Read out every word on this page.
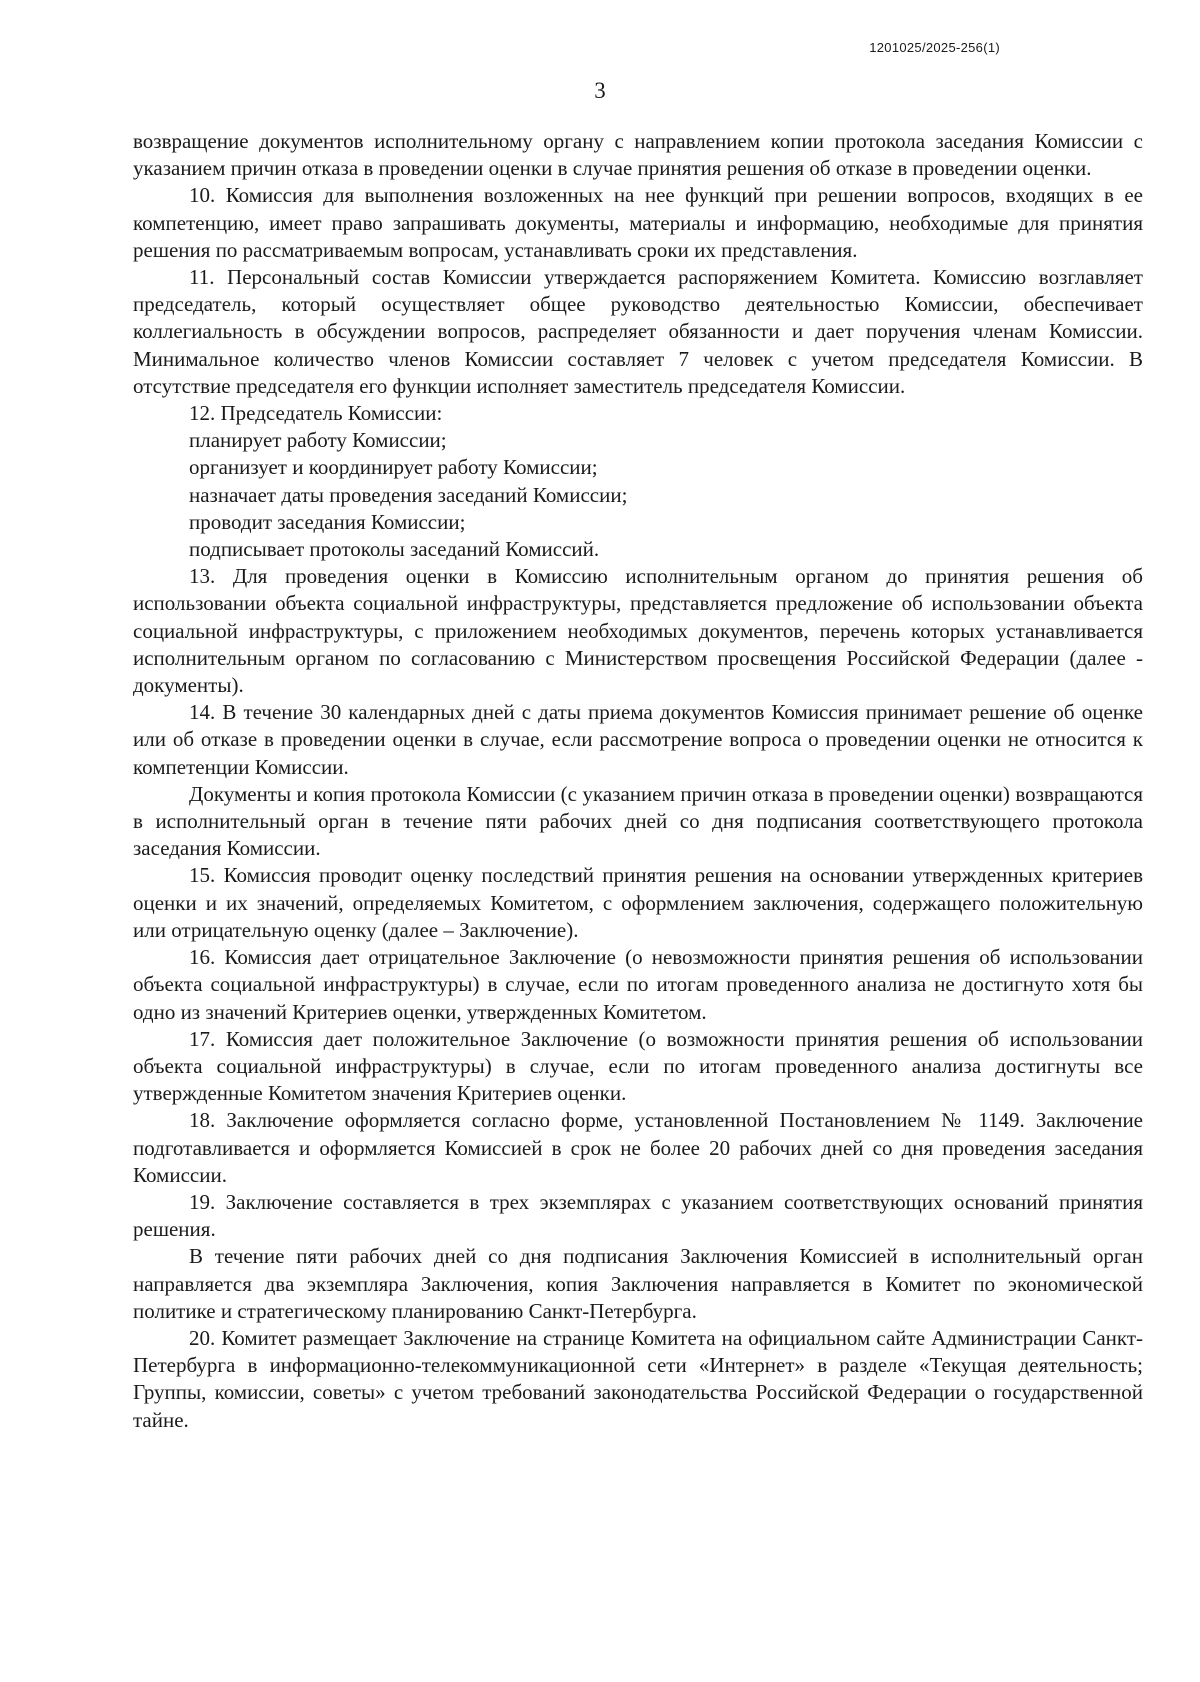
1201025/2025-256(1)
3

возвращение документов исполнительному органу с направлением копии протокола заседания Комиссии с указанием причин отказа в проведении оценки в случае принятия решения об отказе в проведении оценки.

10. Комиссия для выполнения возложенных на нее функций при решении вопросов, входящих в ее компетенцию, имеет право запрашивать документы, материалы и информацию, необходимые для принятия решения по рассматриваемым вопросам, устанавливать сроки их представления.

11. Персональный состав Комиссии утверждается распоряжением Комитета. Комиссию возглавляет председатель, который осуществляет общее руководство деятельностью Комиссии, обеспечивает коллегиальность в обсуждении вопросов, распределяет обязанности и дает поручения членам Комиссии. Минимальное количество членов Комиссии составляет 7 человек с учетом председателя Комиссии. В отсутствие председателя его функции исполняет заместитель председателя Комиссии.

12. Председатель Комиссии:

планирует работу Комиссии;

организует и координирует работу Комиссии;

назначает даты проведения заседаний Комиссии;

проводит заседания Комиссии;

подписывает протоколы заседаний Комиссий.

13. Для проведения оценки в Комиссию исполнительным органом до принятия решения об использовании объекта социальной инфраструктуры, представляется предложение об использовании объекта социальной инфраструктуры, с приложением необходимых документов, перечень которых устанавливается исполнительным органом по согласованию с Министерством просвещения Российской Федерации (далее - документы).

14. В течение 30 календарных дней с даты приема документов Комиссия принимает решение об оценке или об отказе в проведении оценки в случае, если рассмотрение вопроса о проведении оценки не относится к компетенции Комиссии.

Документы и копия протокола Комиссии (с указанием причин отказа в проведении оценки) возвращаются в исполнительный орган в течение пяти рабочих дней со дня подписания соответствующего протокола заседания Комиссии.

15. Комиссия проводит оценку последствий принятия решения на основании утвержденных критериев оценки и их значений, определяемых Комитетом, с оформлением заключения, содержащего положительную или отрицательную оценку (далее – Заключение).

16. Комиссия дает отрицательное Заключение (о невозможности принятия решения об использовании объекта социальной инфраструктуры) в случае, если по итогам проведенного анализа не достигнуто хотя бы одно из значений Критериев оценки, утвержденных Комитетом.

17. Комиссия дает положительное Заключение (о возможности принятия решения об использовании объекта социальной инфраструктуры) в случае, если по итогам проведенного анализа достигнуты все утвержденные Комитетом значения Критериев оценки.

18. Заключение оформляется согласно форме, установленной Постановлением № 1149. Заключение подготавливается и оформляется Комиссией в срок не более 20 рабочих дней со дня проведения заседания Комиссии.

19. Заключение составляется в трех экземплярах с указанием соответствующих оснований принятия решения.

В течение пяти рабочих дней со дня подписания Заключения Комиссией в исполнительный орган направляется два экземпляра Заключения, копия Заключения направляется в Комитет по экономической политике и стратегическому планированию Санкт-Петербурга.

20. Комитет размещает Заключение на странице Комитета на официальном сайте Администрации Санкт-Петербурга в информационно-телекоммуникационной сети «Интернет» в разделе «Текущая деятельность; Группы, комиссии, советы» с учетом требований законодательства Российской Федерации о государственной тайне.
